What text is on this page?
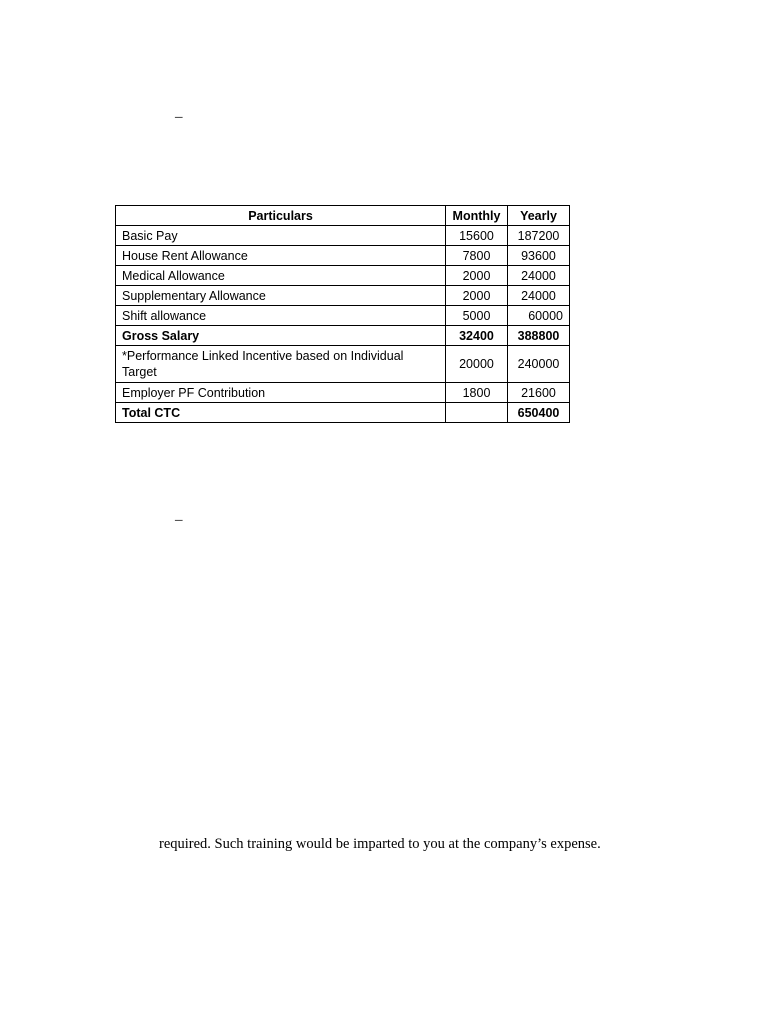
–
Particulars	Monthly	Yearly
Basic Pay	15600	187200
House Rent Allowance	7800	93600
Medical Allowance	2000	24000
Supplementary Allowance	2000	24000
Shift allowance	5000	60000
Gross Salary	32400	388800
*Performance Linked Incentive based on Individual Target	20000	240000
Employer PF Contribution	1800	21600
Total CTC		650400
–
required. Such training would be imparted to you at the company’s expense.
